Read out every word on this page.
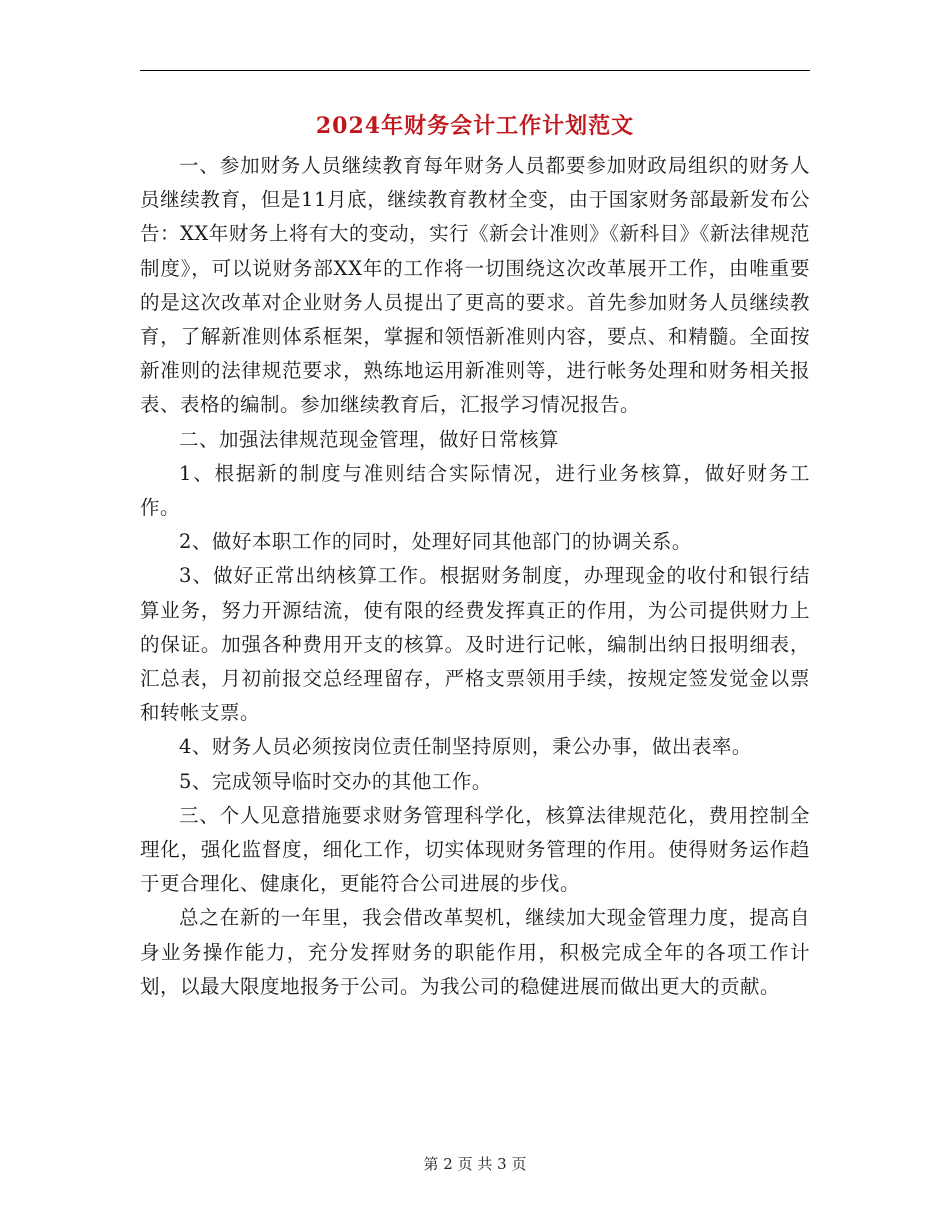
2024年财务会计工作计划范文

一、参加财务人员继续教育每年财务人员都要参加财政局组织的财务人员继续教育，但是11月底，继续教育教材全变，由于国家财务部最新发布公告：XX年财务上将有大的变动，实行《新会计准则》《新科目》《新法律规范制度》，可以说财务部XX年的工作将一切围绕这次改革展开工作，由唯重要的是这次改革对企业财务人员提出了更高的要求。首先参加财务人员继续教育，了解新准则体系框架，掌握和领悟新准则内容，要点、和精髓。全面按新准则的法律规范要求，熟练地运用新准则等，进行帐务处理和财务相关报表、表格的编制。参加继续教育后，汇报学习情况报告。

二、加强法律规范现金管理，做好日常核算

1、根据新的制度与准则结合实际情况，进行业务核算，做好财务工作。

2、做好本职工作的同时，处理好同其他部门的协调关系。

3、做好正常出纳核算工作。根据财务制度，办理现金的收付和银行结算业务，努力开源结流，使有限的经费发挥真正的作用，为公司提供财力上的保证。加强各种费用开支的核算。及时进行记帐，编制出纳日报明细表，汇总表，月初前报交总经理留存，严格支票领用手续，按规定签发觉金以票和转帐支票。

4、财务人员必须按岗位责任制坚持原则，秉公办事，做出表率。

5、完成领导临时交办的其他工作。

三、个人见意措施要求财务管理科学化，核算法律规范化，费用控制全理化，强化监督度，细化工作，切实体现财务管理的作用。使得财务运作趋于更合理化、健康化，更能符合公司进展的步伐。

总之在新的一年里，我会借改革契机，继续加大现金管理力度，提高自身业务操作能力，充分发挥财务的职能作用，积极完成全年的各项工作计划，以最大限度地报务于公司。为我公司的稳健进展而做出更大的贡献。

第 2 页 共 3 页
